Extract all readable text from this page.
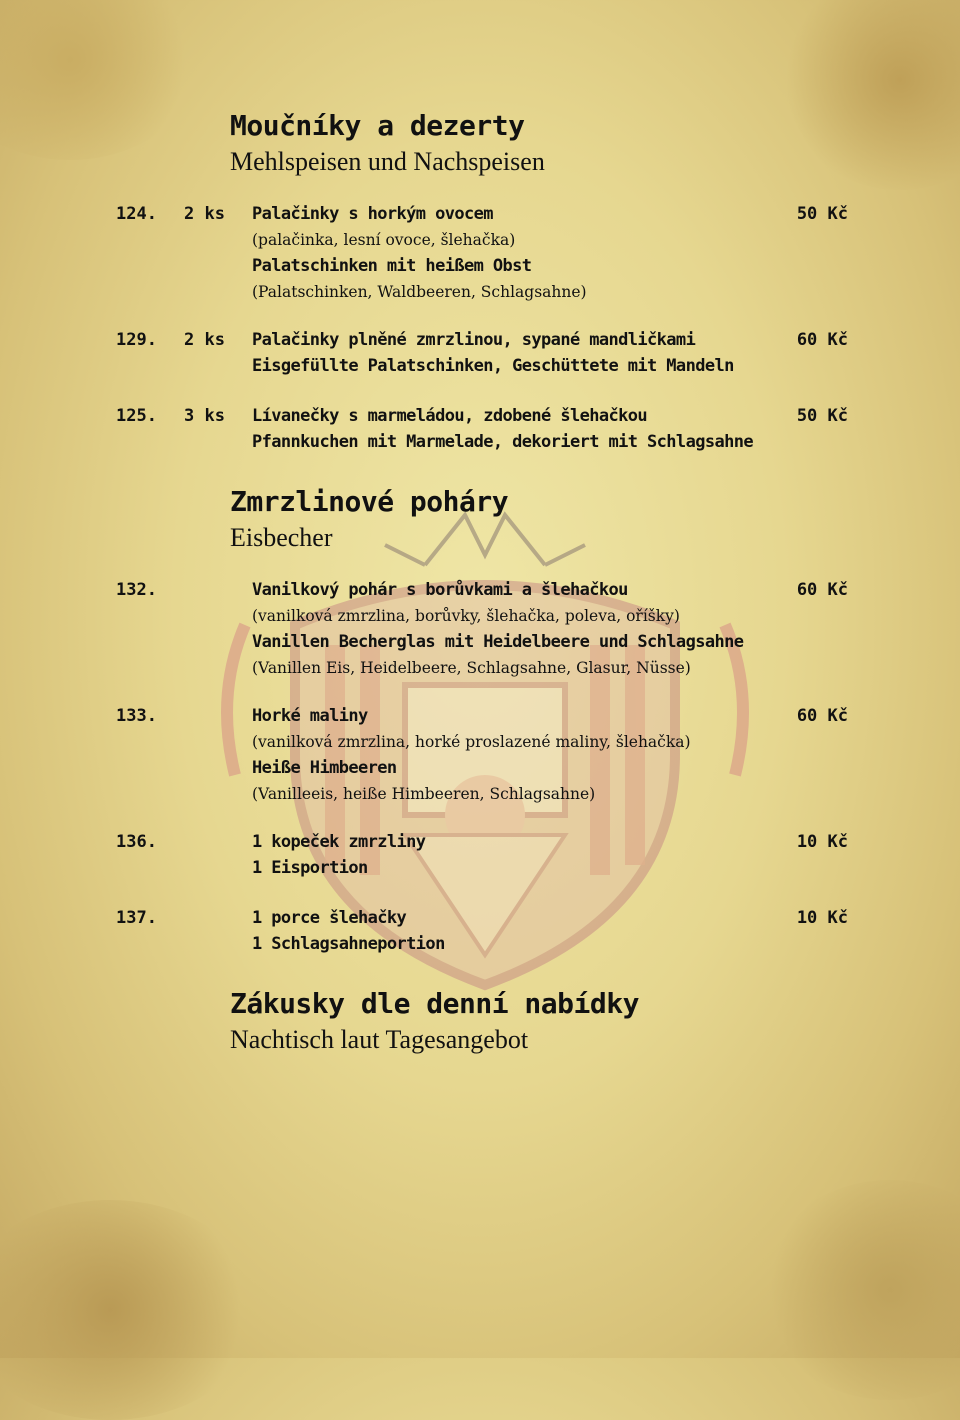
Moučníky a dezerty
Mehlspeisen und Nachspeisen
124. 2 ks Palačinky s horkým ovocem	50 Kč
(palačinka, lesní ovoce, šlehačka)
Palatschinken mit heißem Obst
(Palatschinken, Waldbeeren, Schlagsahne)
129. 2 ks Palačinky plněné zmrzlinou, sypané mandličkami	60 Kč
Eisgefüllte Palatschinken, Geschüttete mit Mandeln
125. 3 ks Lívanečky s marmeládou, zdobené šlehačkou	50 Kč
Pfannkuchen mit Marmelade, dekoriert mit Schlagsahne
Zmrzlinové poháry
Eisbecher
132.	Vanilkový pohár s borůvkami a šlehačkou	60 Kč
(vanilková zmrzlina, borůvky, šlehačka, poleva, oříšky)
Vanillen Becherglas mit Heidelbeere und Schlagsahne
(Vanillen Eis, Heidelbeere, Schlagsahne, Glasur, Nüsse)
133.	Horké maliny	60 Kč
(vanilková zmrzlina, horké proslazené maliny, šlehačka)
Heiße Himbeeren
(Vanilleeis, heiße Himbeeren, Schlagsahne)
136.	1 kopeček zmrzliny	10 Kč
1 Eisportion
137.	1 porce šlehačky	10 Kč
1 Schlagsahneportion
Zákusky dle denní nabídky
Nachtisch laut Tagesangebot
